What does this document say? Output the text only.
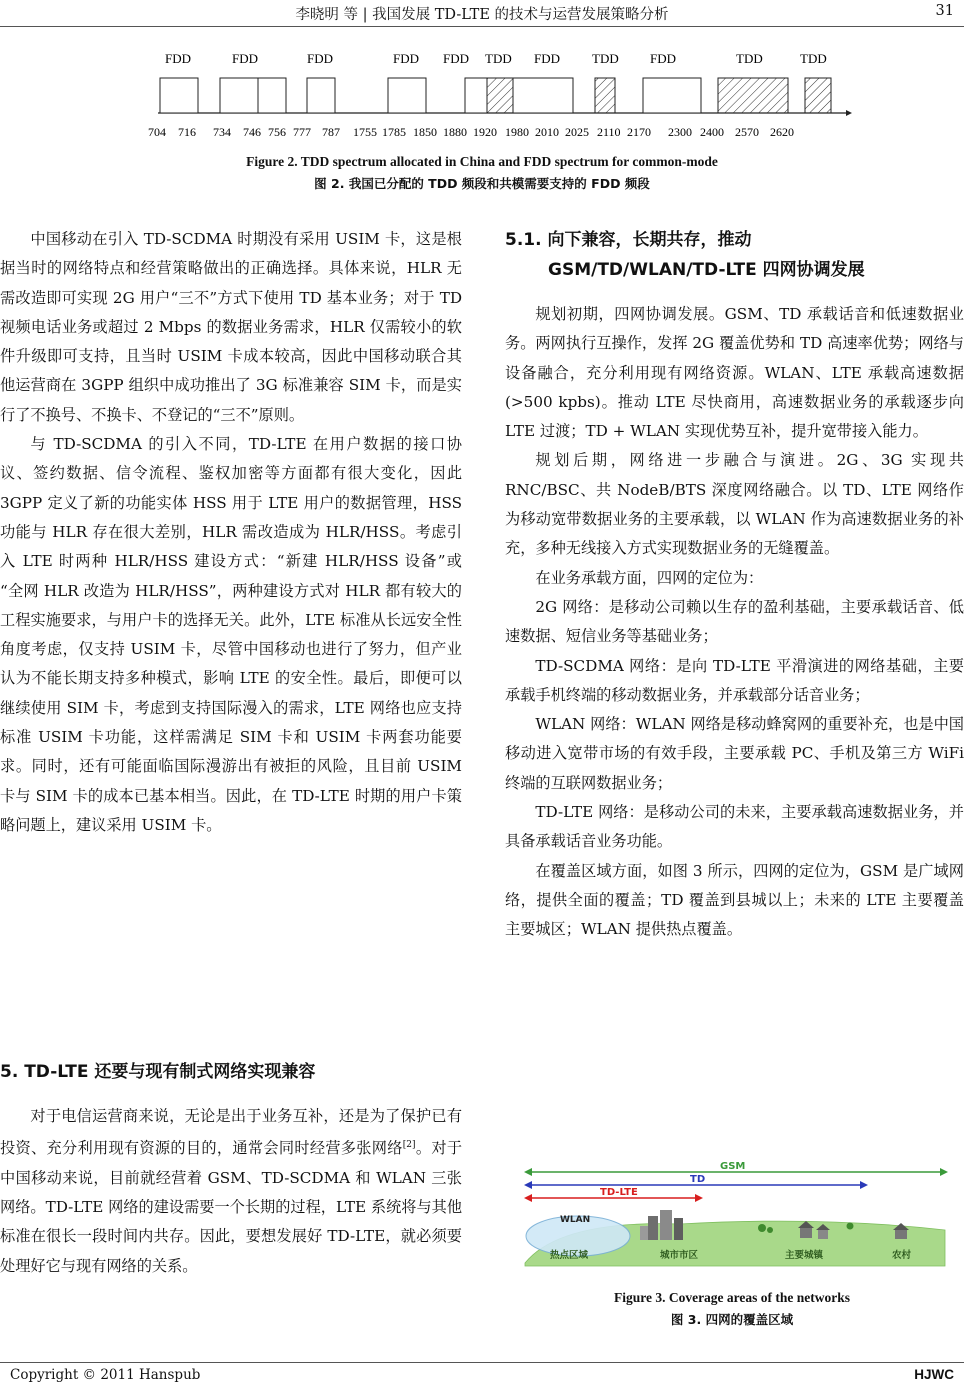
李晓明 等 | 我国发展 TD-LTE 的技术与运营发展策略分析	31
FDD	FDD	FDD	FDD FDD TDD FDD TDD FDD	TDD	TDD
704 716 734 746 756 777 787 1755 1785 1850 1880 1920 1980 2010 2025 2110 2170 2300 2400 2570 2620
Figure 2. TDD spectrum allocated in China and FDD spectrum for common-mode
图 2. 我国已分配的 TDD 频段和共模需要支持的 FDD 频段

中国移动在引入 TD-SCDMA 时期没有采用 USIM 卡，这是根据当时的网络特点和经营策略做出的正确选择。具体来说，HLR 无需改造即可实现 2G 用户“三不”方式下使用 TD 基本业务；对于 TD 视频电话业务或超过 2 Mbps 的数据业务需求，HLR 仅需较小的软件升级即可支持，且当时 USIM 卡成本较高，因此中国移动联合其他运营商在 3GPP 组织中成功推出了 3G 标准兼容 SIM 卡，而是实行了不换号、不换卡、不登记的“三不”原则。

与 TD-SCDMA 的引入不同，TD-LTE 在用户数据的接口协议、签约数据、信令流程、鉴权加密等方面都有很大变化，因此 3GPP 定义了新的功能实体 HSS 用于 LTE 用户的数据管理，HSS 功能与 HLR 存在很大差别，HLR 需改造成为 HLR/HSS。考虑引入 LTE 时两种 HLR/HSS 建设方式：“新建 HLR/HSS 设备”或 “全网 HLR 改造为 HLR/HSS”，两种建设方式对 HLR 都有较大的工程实施要求，与用户卡的选择无关。此外，LTE 标准从长远安全性角度考虑，仅支持 USIM 卡，尽管中国移动也进行了努力，但产业认为不能长期支持多种模式，影响 LTE 的安全性。最后，即便可以继续使用 SIM 卡，考虑到支持国际漫入的需求，LTE 网络也应支持标准 USIM 卡功能，这样需满足 SIM 卡和 USIM 卡两套功能要求。同时，还有可能面临国际漫游出有被拒的风险，且目前 USIM 卡与 SIM 卡的成本已基本相当。因此，在 TD-LTE 时期的用户卡策略问题上，建议采用 USIM 卡。

5. TD-LTE 还要与现有制式网络实现兼容

对于电信运营商来说，无论是出于业务互补，还是为了保护已有投资、充分利用现有资源的目的，通常会同时经营多张网络[2]。对于中国移动来说，目前就经营着 GSM、TD-SCDMA 和 WLAN 三张网络。TD-LTE 网络的建设需要一个长期的过程，LTE 系统将与其他标准在很长一段时间内共存。因此，要想发展好 TD-LTE，就必须要处理好它与现有网络的关系。

5.1. 向下兼容，长期共存，推动
GSM/TD/WLAN/TD-LTE 四网协调发展

规划初期，四网协调发展。GSM、TD 承载话音和低速数据业务。两网执行互操作，发挥 2G 覆盖优势和 TD 高速率优势；网络与设备融合，充分利用现有网络资源。WLAN、LTE 承载高速数据(>500 kpbs)。推动 LTE 尽快商用，高速数据业务的承载逐步向 LTE 过渡；TD + WLAN 实现优势互补，提升宽带接入能力。

规划后期，网络进一步融合与演进。2G、3G 实现共 RNC/BSC、共 NodeB/BTS 深度网络融合。以 TD、LTE 网络作为移动宽带数据业务的主要承载，以 WLAN 作为高速数据业务的补充，多种无线接入方式实现数据业务的无缝覆盖。

在业务承载方面，四网的定位为：

2G 网络：是移动公司赖以生存的盈利基础，主要承载话音、低速数据、短信业务等基础业务；

TD-SCDMA 网络：是向 TD-LTE 平滑演进的网络基础，主要承载手机终端的移动数据业务，并承载部分话音业务；

WLAN 网络：WLAN 网络是移动蜂窝网的重要补充，也是中国移动进入宽带市场的有效手段，主要承载 PC、手机及第三方 WiFi 终端的互联网数据业务；

TD-LTE 网络：是移动公司的未来，主要承载高速数据业务，并具备承载话音业务功能。

在覆盖区域方面，如图 3 所示，四网的定位为，GSM 是广域网络，提供全面的覆盖；TD 覆盖到县城以上；未来的 LTE 主要覆盖主要城区；WLAN 提供热点覆盖。

GSM
TD
TD-LTE
WLAN
热点区域	城市市区	主要城镇	农村
Figure 3. Coverage areas of the networks
图 3. 四网的覆盖区域
Copyright © 2011 Hanspub	HJWC
